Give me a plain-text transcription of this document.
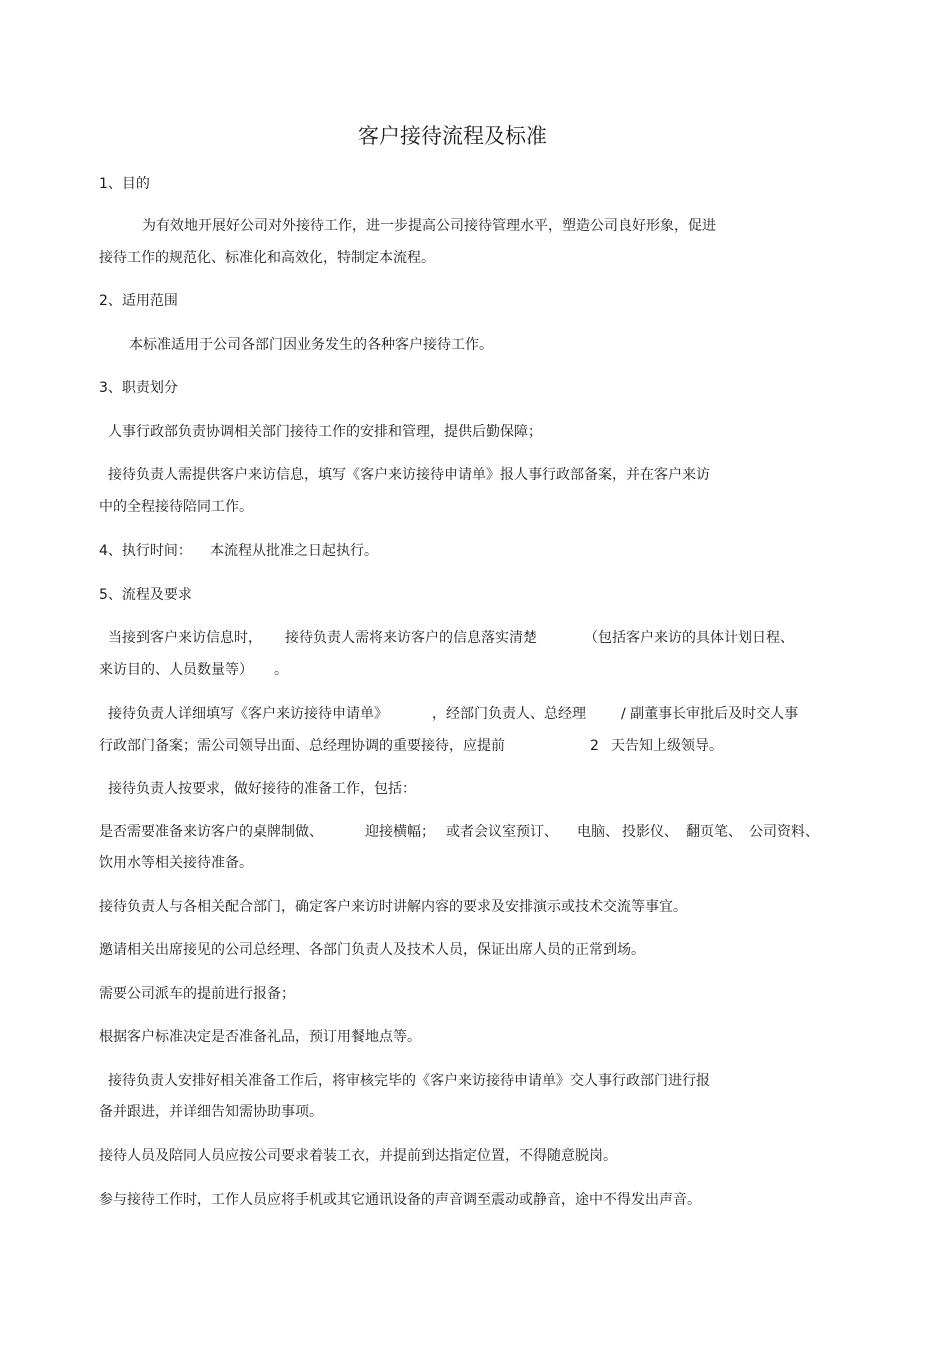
客户接待流程及标准
1、目的
为有效地开展好公司对外接待工作，进一步提高公司接待管理水平，塑造公司良好形象，促进
接待工作的规范化、标准化和高效化，特制定本流程。
2、适用范围
本标准适用于公司各部门因业务发生的各种客户接待工作。
3、职责划分
人事行政部负责协调相关部门接待工作的安排和管理，提供后勤保障；
接待负责人需提供客户来访信息，填写《客户来访接待申请单》报人事行政部备案，并在客户来访
中的全程接待陪同工作。
4、执行时间： 本流程从批准之日起执行。
5、流程及要求
当接到客户来访信息时， 接待负责人需将来访客户的信息落实清楚	（包括客户来访的具体计划日程、
来访目的、人员数量等） 。
接待负责人详细填写《客户来访接待申请单》	，经部门负责人、总经理	/ 副董事长审批后及时交人事
行政部门备案；需公司领导出面、总经理协调的重要接待，应提前	2 天告知上级领导。
接待负责人按要求，做好接待的准备工作，包括：
是否需要准备来访客户的桌牌制做、	迎接横幅； 或者会议室预订、 电脑、 投影仪、 翻页笔、 公司资料、
饮用水等相关接待准备。
接待负责人与各相关配合部门，确定客户来访时讲解内容的要求及安排演示或技术交流等事宜。
邀请相关出席接见的公司总经理、各部门负责人及技术人员，保证出席人员的正常到场。
需要公司派车的提前进行报备；
根据客户标准决定是否准备礼品，预订用餐地点等。
接待负责人安排好相关准备工作后，将审核完毕的《客户来访接待申请单》交人事行政部门进行报
备并跟进，并详细告知需协助事项。
接待人员及陪同人员应按公司要求着装工衣，并提前到达指定位置，不得随意脱岗。
参与接待工作时，工作人员应将手机或其它通讯设备的声音调至震动或静音，途中不得发出声音。
